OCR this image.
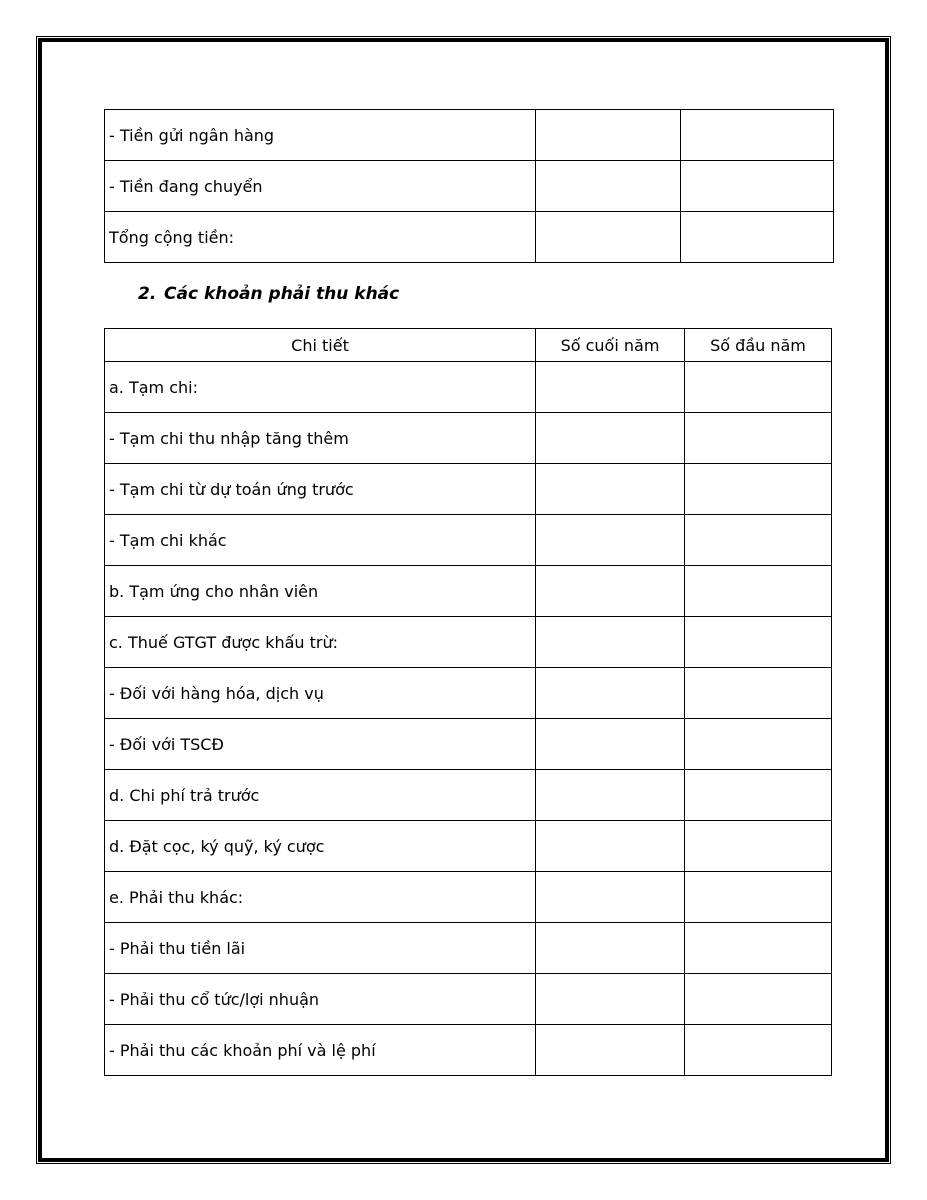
- Tiền gửi ngân hàng		
- Tiền đang chuyển		
Tổng cộng tiền:		
2. Các khoản phải thu khác
Chi tiết	Số cuối năm	Số đầu năm
a. Tạm chi:		
- Tạm chi thu nhập tăng thêm		
- Tạm chi từ dự toán ứng trước		
- Tạm chi khác		
b. Tạm ứng cho nhân viên		
c. Thuế GTGT được khấu trừ:		
- Đối với hàng hóa, dịch vụ		
- Đối với TSCĐ		
d. Chi phí trả trước		
d. Đặt cọc, ký quỹ, ký cược		
e. Phải thu khác:		
- Phải thu tiền lãi		
- Phải thu cổ tức/lợi nhuận		
- Phải thu các khoản phí và lệ phí		
